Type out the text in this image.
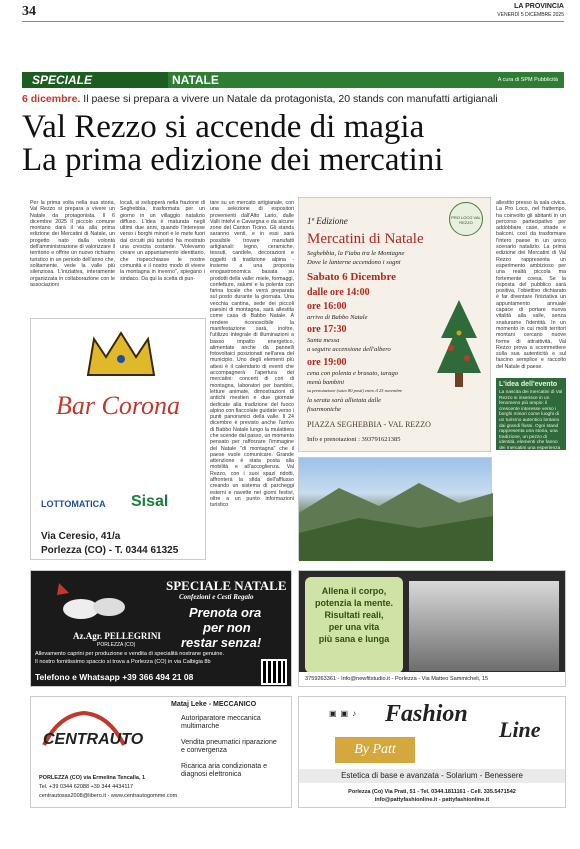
34	LA PROVINCIA
VENERDÌ 5 DICEMBRE 2025
SPECIALE	NATALE	A cura di SPM Pubblicità
6 dicembre. Il paese si prepara a vivere un Natale da protagonista, 20 stands con manufatti artigianali
Val Rezzo si accende di magia
La prima edizione dei mercatini
Per la prima volta nella sua storia, Val Rezzo si prepara a vivere un Natale da protagonista. Il 6 dicembre 2025 il piccolo comune montano darà il via alla prima edizione dei Mercatini di Natale, un progetto nato dalla volontà dell'amministrazione di valorizzare il territorio e offrire un nuovo richiamo turistico in un periodo dell'anno che, solitamente, vede la valle più silenziosa. L'iniziativa, interamente organizzata in collaborazione con le associazioni
locali, si svilupperà nella frazione di Seghebbia, trasformata per un giorno in un villaggio natalizio diffuso. L'idea è maturata negli ultimi due anni, quando l'interesse verso i borghi minori e le mete fuori dai circuiti più turistici ha mostrato una crescita costante. "Volevamo creare un appuntamento identitario, che rispecchiasse le nostre comunità e il nostro modo di vivere la montagna in inverno", spiegano i sindaco. Da qui la scelta di pun-
tare su un mercato artigianale, con una selezione di espositori provenienti dall'Alto Lario, dalle Valli Intelvi e Cavargna e da alcune zone del Canton Ticino. Gli stands saranno venti, e in essi sarà possibile trovare manufatti artigianali: legno, ceramiche, tessuti, candele, decorazioni e oggetti di tradizione alpina - insieme a una proposta enogastronomica basata su prodotti della valle: miele, formaggi, confetture, salumi e la polenta con farina locale che verrà preparata sul posto durante la giornata. Una vecchia cantina, sede dei piccoli paesini di montagna, sarà allestita come casa di Babbo Natale. A rendere riconoscibile la manifestazione sarà, inoltre, l'utilizzo integrale di illuminazioni a basso impatto energetico, alimentate anche da pannelli fotovoltaici posizionati nell'area del municipio. Uno degli elementi più attesi è il calendario di eventi che accompagnerà l'apertura dei mercatini: concerti di cori di montagna, laboratori per bambini, letture animate, dimostrazioni di antichi mestieri e due giornate dedicate alla tradizione del fuoco alpino con fiaccolate guidate verso i punti panoramici della valle. Il 24 dicembre è previsto anche l'arrivo di Babbo Natale lungo la mulattiera che scende dal passo, un momento pensato per rafforzare l'immagine del Natale "di montagna" che il paese vuole comunicare. Grande attenzione è stata posta alla mobilità e all'accoglienza. Val Rezzo, con i suoi spazi ridotti, affronterà la sfida dell'afflusso creando un sistema di parcheggi esterni e navette nei giorni festivi, oltre a un punto informazioni turistico
allestito presso la sala civica. La Pro Loco, nel frattempo, ha coinvolto gli abitanti in un percorso partecipativo per addobbare case, strade e balconi, così da trasformare l'intero paese in un unico scenario natalizio. La prima edizione dei Mercatini di Val Rezzo rappresenta un esperimento ambizioso per una realtà piccola ma fortemente coesa. Se la risposta del pubblico sarà positiva, l'obiettivo dichiarato è far diventare l'iniziativa un appuntamento annuale capace di portare nuova vitalità alla valle, senza snaturarne l'identità. In un momento in cui molti territori montani cercano nuove forme di attrattività, Val Rezzo prova a scommettere sulla sua autenticità e sul fascino semplice e raccolto del Natale di paese.
L'idea dell'evento
La nascita dei mercatini di Val Rezzo si inserisce in un fenomeno più ampio: il crescente interesse verso i borghi minori come luoghi di un turismo autentico lontano dai grandi flussi. Ogni stand rappresenta una storia, una tradizione, un pezzo di identità, elementi che fanno dei mercatini una esperienza unica.
1ª Edizione	PRO LOCO VAL REZZO
Mercatini di Natale
Seghebbia, la Fiaba tra le Montagne
Dove le lanterne accendono i sogni
Sabato 6 Dicembre
dalle ore 14:00
ore 16:00
arrivo di Babbo Natale
ore 17:30
Santa messa
a seguire accensione dell'albero
ore 19:00
cena con polenta e brasato, tarago
menù bambini
su prenotazione (sotto 80 posti) entro il 25 novembre
la serata sarà allietata dalle
fisarmoniche
PIAZZA SEGHEBBIA - VAL REZZO
Info e prenotazioni : 393791621385
Bar Corona
LOTTOMATICA Sisal
Via Ceresio, 41/a
Porlezza (CO) - T. 0344 61325
Az.Agr. PELLEGRINI
PORLEZZA (CO)
SPECIALE NATALE
Confezioni e Cesti Regalo
Prenota ora
per non
restar senza!
Allevamento caprini per produzione e vendita di specialità nostrane genuine.
Il nostro fornitissimo spaccio si trova a Porlezza (CO) in via Calbigia 8b
Telefono e Whatsapp +39 366 494 21 08
Allena il corpo,
potenzia la mente.
Risultati reali,
per una vita
più sana e lunga
3759263361 - Info@newfitstudio.it - Porlezza - Via Matteo Sammicheli, 15
CENTRAUTO
Mataj Leke - MECCANICO
Autoriparatore meccanica multimarche
Vendita pneumatici riparazione e convergenza
Ricarica aria condizionata e diagnosi elettronica
PORLEZZA (CO) via Ermelina Tencalla, 1
Tel. +39 0344 62088 +39 344 4434117
centrautosas2008@libero.it - www.centrautogomme.com
▣▣♪	Fashion
Line
By Patt
Estetica di base e avanzata - Solarium - Benessere
Porlezza (Co) Via Prati, 51 - Tel. 0344.1811161 - Cell. 335.5471542
info@pattyfashionline.it - pattyfashionline.it
